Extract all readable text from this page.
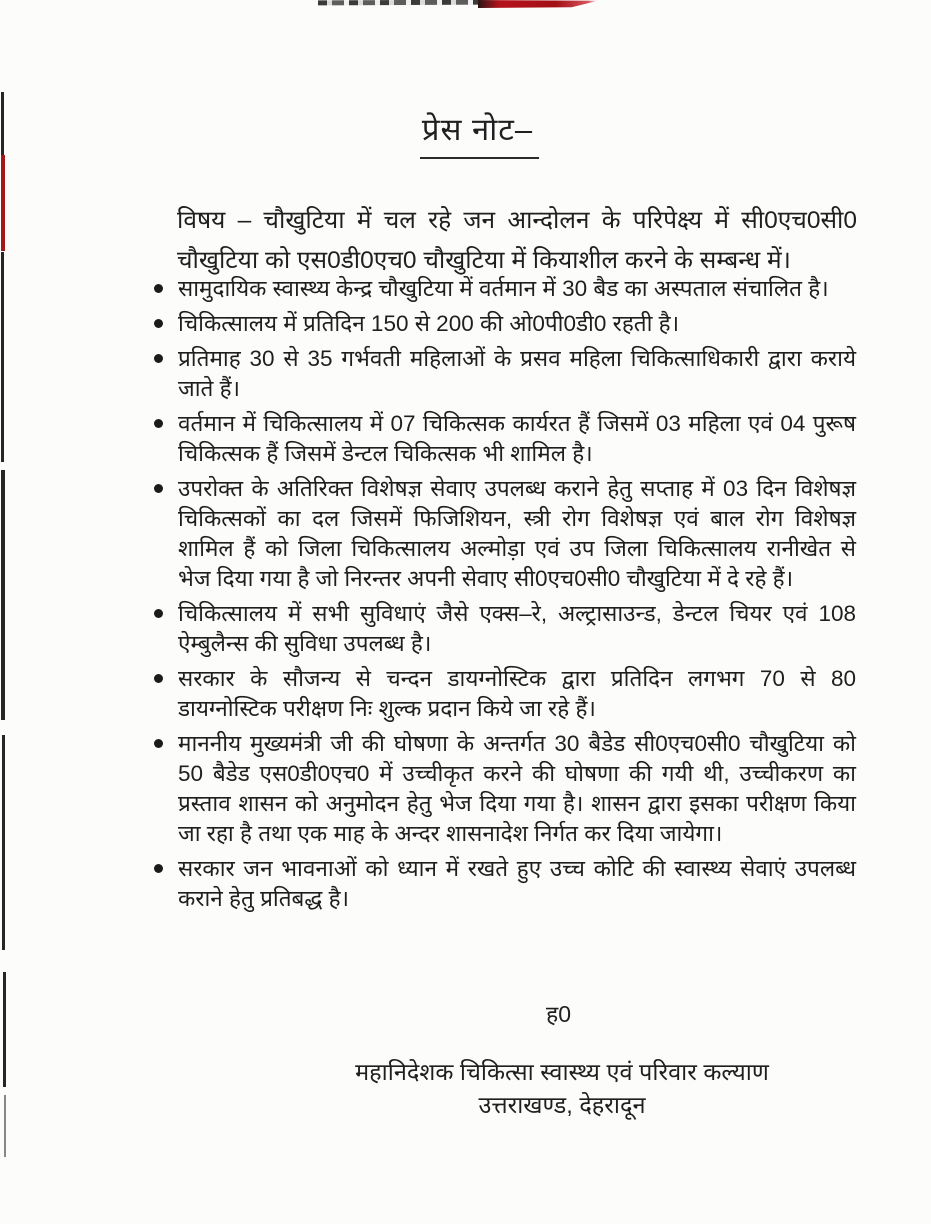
प्रेस नोट–

विषय – चौखुटिया में चल रहे जन आन्दोलन के परिपेक्ष्य में सी0एच0सी0 चौखुटिया को एस0डी0एच0 चौखुटिया में कियाशील करने के सम्बन्ध में।

सामुदायिक स्वास्थ्य केन्द्र चौखुटिया में वर्तमान में 30 बैड का अस्पताल संचालित है।
चिकित्सालय में प्रतिदिन 150 से 200 की ओ0पी0डी0 रहती है।
प्रतिमाह 30 से 35 गर्भवती महिलाओं के प्रसव महिला चिकित्साधिकारी द्वारा कराये जाते हैं।
वर्तमान में चिकित्सालय में 07 चिकित्सक कार्यरत हैं जिसमें 03 महिला एवं 04 पुरूष चिकित्सक हैं जिसमें डेन्टल चिकित्सक भी शामिल है।
उपरोक्त के अतिरिक्त विशेषज्ञ सेवाए उपलब्ध कराने हेतु सप्ताह में 03 दिन विशेषज्ञ चिकित्सकों का दल जिसमें फिजिशियन, स्त्री रोग विशेषज्ञ एवं बाल रोग विशेषज्ञ शामिल हैं को जिला चिकित्सालय अल्मोड़ा एवं उप जिला चिकित्सालय रानीखेत से भेज दिया गया है जो निरन्तर अपनी सेवाए सी0एच0सी0 चौखुटिया में दे रहे हैं।
चिकित्सालय में सभी सुविधाएं जैसे एक्स–रे, अल्ट्रासाउन्ड, डेन्टल चियर एवं 108 ऐम्बुलैन्स की सुविधा उपलब्ध है।
सरकार के सौजन्य से चन्दन डायग्नोस्टिक द्वारा प्रतिदिन लगभग 70 से 80 डायग्नोस्टिक परीक्षण निः शुल्क प्रदान किये जा रहे हैं।
माननीय मुख्यमंत्री जी की घोषणा के अन्तर्गत 30 बैडेड सी0एच0सी0 चौखुटिया को 50 बैडेड एस0डी0एच0 में उच्चीकृत करने की घोषणा की गयी थी, उच्चीकरण का प्रस्ताव शासन को अनुमोदन हेतु भेज दिया गया है। शासन द्वारा इसका परीक्षण किया जा रहा है तथा एक माह के अन्दर शासनादेश निर्गत कर दिया जायेगा।
सरकार जन भावनाओं को ध्यान में रखते हुए उच्च कोटि की स्वास्थ्य सेवाएं उपलब्ध कराने हेतु प्रतिबद्ध है।
ह0
महानिदेशक चिकित्सा स्वास्थ्य एवं परिवार कल्याण
उत्तराखण्ड, देहरादून
